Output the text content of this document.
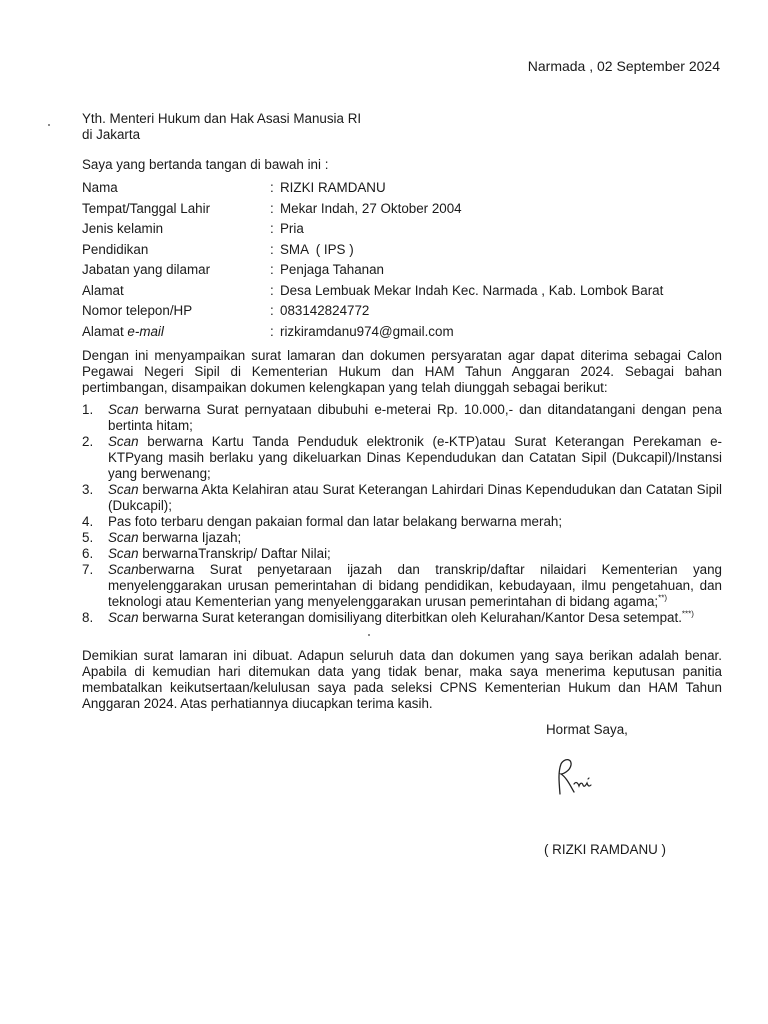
Narmada , 02 September 2024
Yth. Menteri Hukum dan Hak Asasi Manusia RI
di Jakarta
Saya yang bertanda tangan di bawah ini :
Nama	:	RIZKI RAMDANU
Tempat/Tanggal Lahir	:	Mekar Indah, 27 Oktober 2004
Jenis kelamin	:	Pria
Pendidikan	:	SMA  ( IPS )
Jabatan yang dilamar	:	Penjaga Tahanan
Alamat	:	Desa Lembuak Mekar Indah Kec. Narmada , Kab. Lombok Barat
Nomor telepon/HP	:	083142824772
Alamat e-mail	:	rizkiramdanu974@gmail.com
Dengan ini menyampaikan surat lamaran dan dokumen persyaratan agar dapat diterima sebagai Calon Pegawai Negeri Sipil di Kementerian Hukum dan HAM Tahun Anggaran 2024. Sebagai bahan pertimbangan, disampaikan dokumen kelengkapan yang telah diunggah sebagai berikut:
1. Scan berwarna Surat pernyataan dibubuhi e-meterai Rp. 10.000,- dan ditandatangani dengan pena bertinta hitam;
2. Scan berwarna Kartu Tanda Penduduk elektronik (e-KTP)atau Surat Keterangan Perekaman e-KTPyang masih berlaku yang dikeluarkan Dinas Kependudukan dan Catatan Sipil (Dukcapil)/Instansi yang berwenang;
3. Scan berwarna Akta Kelahiran atau Surat Keterangan Lahirdari Dinas Kependudukan dan Catatan Sipil (Dukcapil);
4. Pas foto terbaru dengan pakaian formal dan latar belakang berwarna merah;
5. Scan berwarna Ijazah;
6. Scan berwarnaTranskrip/ Daftar Nilai;
7. Scanberwarna Surat penyetaraan ijazah dan transkrip/daftar nilaidari Kementerian yang menyelenggarakan urusan pemerintahan di bidang pendidikan, kebudayaan, ilmu pengetahuan, dan teknologi atau Kementerian yang menyelenggarakan urusan pemerintahan di bidang agama;**)
8. Scan berwarna Surat keterangan domisiliyang diterbitkan oleh Kelurahan/Kantor Desa setempat.***)
Demikian surat lamaran ini dibuat. Adapun seluruh data dan dokumen yang saya berikan adalah benar. Apabila di kemudian hari ditemukan data yang tidak benar, maka saya menerima keputusan panitia membatalkan keikutsertaan/kelulusan saya pada seleksi CPNS Kementerian Hukum dan HAM Tahun Anggaran 2024. Atas perhatiannya diucapkan terima kasih.
Hormat Saya,
( RIZKI RAMDANU )
